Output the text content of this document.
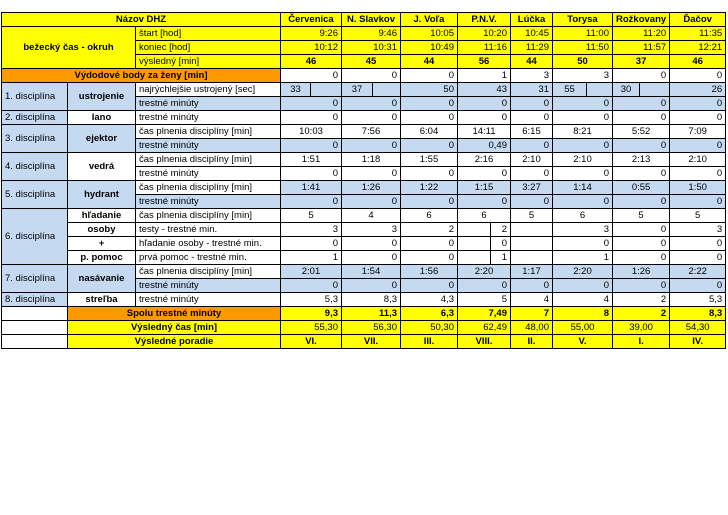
Názov DHZ			Červenica		N. Slavkov		J. Voľa	P.N.V.		Lúčka	Torysa		Rožkovany		Ďačov
bežecký čas - okruh		štart [hod]	9:26		9:46		10:05	10:20		10:45	11:00		11:20		11:35
		koniec [hod]	10:12		10:31		10:49	11:16		11:29	11:50		11:57		12:21
		výsledný [min]	46		45		44	56		44	50		37		46
Výdodové body za ženy [min]			0		0		0	1		3	3		0		0
1. disciplína	ustrojenie	najrýchlejšie ustrojený [sec]	33		37		50	43		31	55		30		26
		trestné minúty	0		0		0	0		0	0		0		0
2. disciplína	lano	trestné minúty	0		0		0	0		0	0		0		0
3. disciplína	ejektor	čas plnenia disciplíny [min]	10:03		7:56		6:04	14:11		6:15	8:21		5:52		7:09
		trestné minúty	0		0		0	0,49		0	0		0		0
4. disciplína	vedrá	čas plnenia disciplíny [min]	1:51		1:18		1:55	2:16		2:10	2:10		2:13		2:10
		trestné minúty	0		0		0	0		0	0		0		0
5. disciplína	hydrant	čas plnenia disciplíny [min]	1:41		1:26		1:22	1:15		3:27	1:14		0:55		1:50
		trestné minúty	0		0		0	0		0	0		0		0
6. disciplína	hľadanie	čas plnenia disciplíny [min]	5		4		6	6		5	6		5		5
	osoby	testy - trestné min.	3		3		2		2		3		0		3
	+	hľadanie osoby - trestné min.	0		0		0		0		0		0		0
	p. pomoc	prvá pomoc - trestné min.	1		0		0		1		1		0		0
7. disciplína	nasávanie	čas plnenia disciplíny [min]	2:01		1:54		1:56	2:20		1:17	2:20		1:26		2:22
		trestné minúty	0		0		0	0		0	0		0		0
8. disciplína	streľba	trestné minúty	5,3		8,3		4,3	5		4	4		2		5,3
	Spolu trestné minúty		9,3		11,3		6,3	7,49		7	8		2		8,3
	Výsledný čas [min]		55,30		56,30		50,30	62,49		48,00	55,00		39,00		54,30
	Výsledné poradie		VI.		VII.		III.	VIII.		II.	V.		I.		IV.
